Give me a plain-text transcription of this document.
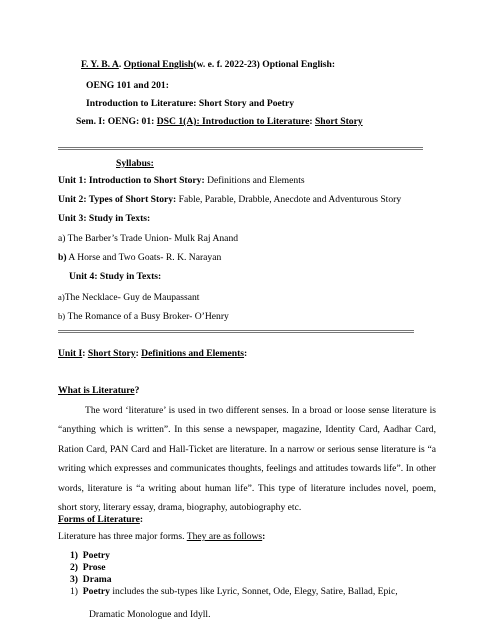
F. Y. B. A. Optional English(w. e. f. 2022-23) Optional English:
OENG 101 and 201:
Introduction to Literature: Short Story and Poetry
Sem. I: OENG: 01: DSC 1(A): Introduction to Literature: Short Story
Syllabus:
Unit 1: Introduction to Short Story: Definitions and Elements
Unit 2: Types of Short Story: Fable, Parable, Drabble, Anecdote and Adventurous Story
Unit 3: Study in Texts:
a) The Barber’s Trade Union- Mulk Raj Anand
b) A Horse and Two Goats- R. K. Narayan
Unit 4: Study in Texts:
a)The Necklace- Guy de Maupassant
b) The Romance of a Busy Broker- O’Henry
Unit I: Short Story: Definitions and Elements:
What is Literature?
The word ‘literature’ is used in two different senses. In a broad or loose sense literature is “anything which is written”. In this sense a newspaper, magazine, Identity Card, Aadhar Card, Ration Card, PAN Card and Hall-Ticket are literature. In a narrow or serious sense literature is “a writing which expresses and communicates thoughts, feelings and attitudes towards life”. In other words, literature is “a writing about human life”. This type of literature includes novel, poem, short story, literary essay, drama, biography, autobiography etc.
Forms of Literature:
Literature has three major forms. They are as follows:
1) Poetry
2) Prose
3) Drama
1) Poetry includes the sub-types like Lyric, Sonnet, Ode, Elegy, Satire, Ballad, Epic,
Dramatic Monologue and Idyll.
